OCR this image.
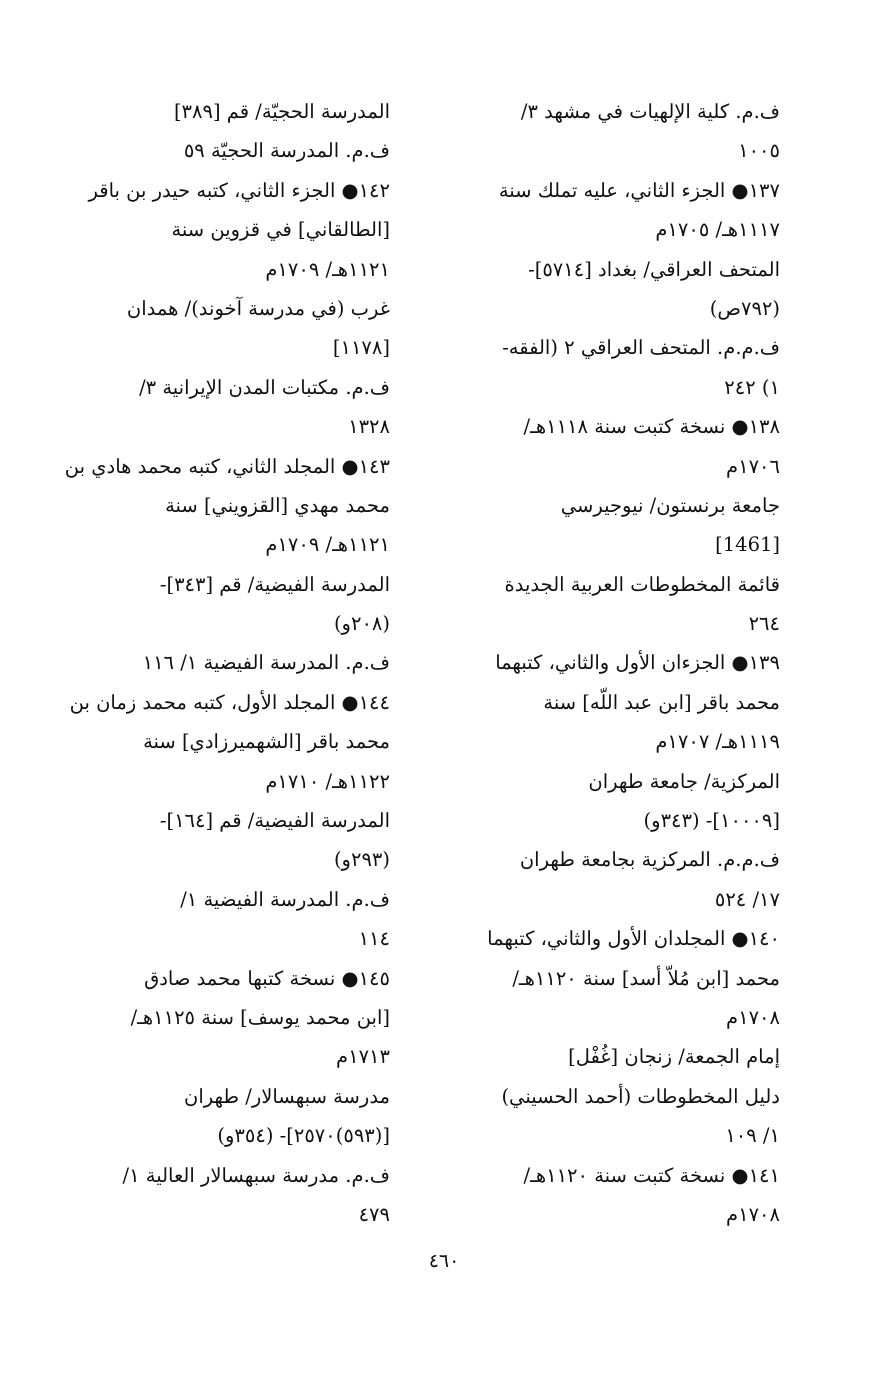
ف.م. كلية الإلهيات في مشهد ٣/
١٠٠٥
١٣٧● الجزء الثاني، عليه تملك سنة
١١١٧هـ/ ١٧٠٥م
المتحف العراقي/ بغداد [٥٧١٤]-
(٧٩٢ص)
ف.م.م. المتحف العراقي ٢ (الفقه-
١) ٢٤٢
١٣٨● نسخة كتبت سنة ١١١٨هـ/
١٧٠٦م
جامعة برنستون/ نيوجيرسي
[1461]
قائمة المخطوطات العربية الجديدة
٢٦٤
١٣٩● الجزءان الأول والثاني، كتبهما
محمد باقر [ابن عبد اللّه] سنة
١١١٩هـ/ ١٧٠٧م
المركزية/ جامعة طهران
[١٠٠٠٩]- (٣٤٣و)
ف.م.م. المركزية بجامعة طهران
١٧/ ٥٢٤
١٤٠● المجلدان الأول والثاني، كتبهما
محمد [ابن مُلاّ أسد] سنة ١١٢٠هـ/
١٧٠٨م
إمام الجمعة/ زنجان [غُفْل]
دليل المخطوطات (أحمد الحسيني)
١/ ١٠٩
١٤١● نسخة كتبت سنة ١١٢٠هـ/
١٧٠٨م
المدرسة الحجيّة/ قم [٣٨٩]
ف.م. المدرسة الحجيّة ٥٩
١٤٢● الجزء الثاني، كتبه حيدر بن باقر
[الطالقاني] في قزوين سنة
١١٢١هـ/ ١٧٠٩م
غرب (في مدرسة آخوند)/ همدان
[١١٧٨]
ف.م. مكتبات المدن الإيرانية ٣/
١٣٢٨
١٤٣● المجلد الثاني، كتبه محمد هادي بن
محمد مهدي [القزويني] سنة
١١٢١هـ/ ١٧٠٩م
المدرسة الفيضية/ قم [٣٤٣]-
(٢٠٨و)
ف.م. المدرسة الفيضية ١/ ١١٦
١٤٤● المجلد الأول، كتبه محمد زمان بن
محمد باقر [الشهميرزادي] سنة
١١٢٢هـ/ ١٧١٠م
المدرسة الفيضية/ قم [١٦٤]-
(٢٩٣و)
ف.م. المدرسة الفيضية ١/
١١٤
١٤٥● نسخة كتبها محمد صادق
[ابن محمد يوسف] سنة ١١٢٥هـ/
١٧١٣م
مدرسة سبهسالار/ طهران
[(٥٩٣)٢٥٧٠]- (٣٥٤و)
ف.م. مدرسة سبهسالار العالية ١/
٤٧٩
٤٦٠
